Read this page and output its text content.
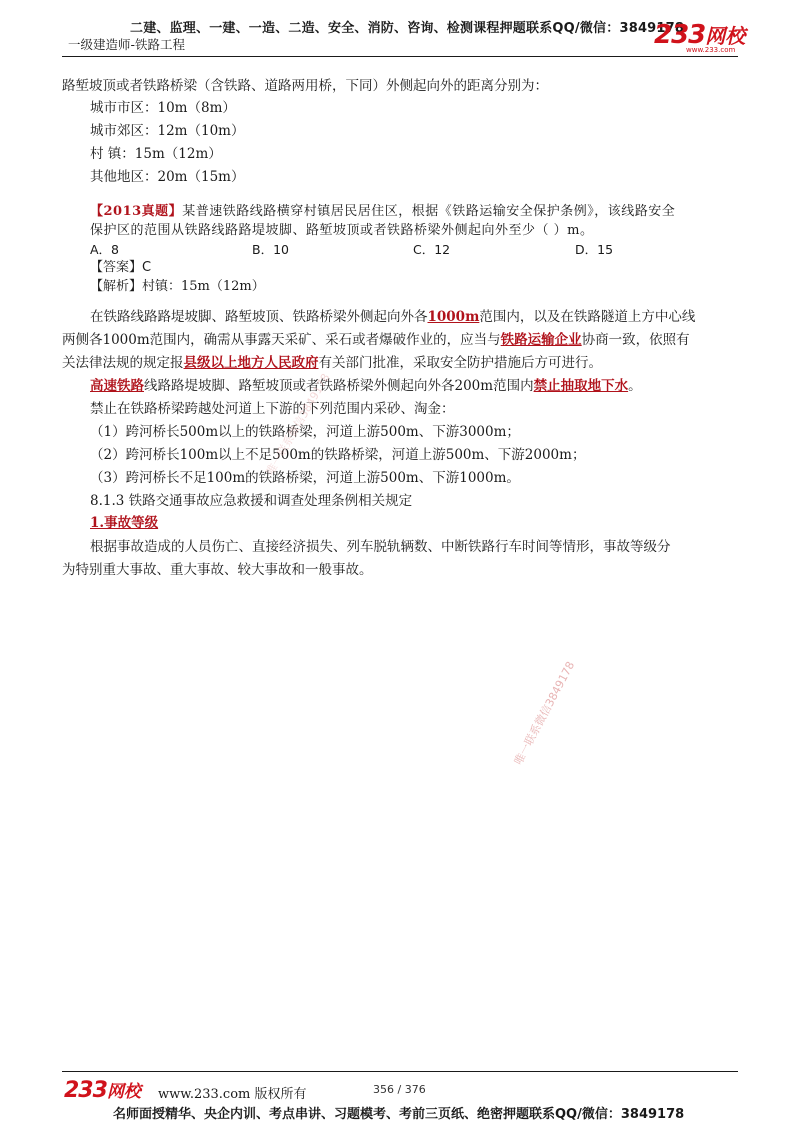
二建、监理、一建、一造、二造、安全、消防、咨询、检测课程押题联系QQ/微信：3849178
一级建造师-铁路工程	233网校
www.233.com
路堑坡顶或者铁路桥梁（含铁路、道路两用桥，下同）外侧起向外的距离分别为：
城市市区：10m（8m）
城市郊区：12m（10m）
村 镇：15m（12m）
其他地区：20m（15m）
【2013真题】某普速铁路线路横穿村镇居民居住区，根据《铁路运输安全保护条例》，该线路安全
保护区的范围从铁路线路路堤坡脚、路堑坡顶或者铁路桥梁外侧起向外至少（ ）m。
A．8	B．10	C．12	D．15
【答案】C
【解析】村镇：15m（12m）
在铁路线路路堤坡脚、路堑坡顶、铁路桥梁外侧起向外各1000m范围内，以及在铁路隧道上方中心线
两侧各1000m范围内，确需从事露天采矿、采石或者爆破作业的，应当与铁路运输企业协商一致，依照有
关法律法规的规定报县级以上地方人民政府有关部门批准，采取安全防护措施后方可进行。
高速铁路线路路堤坡脚、路堑坡顶或者铁路桥梁外侧起向外各200m范围内禁止抽取地下水。
禁止在铁路桥梁跨越处河道上下游的下列范围内采砂、淘金：
（1）跨河桥长500m以上的铁路桥梁，河道上游500m、下游3000m；
（2）跨河桥长100m以上不足500m的铁路桥梁，河道上游500m、下游2000m；
（3）跨河桥长不足100m的铁路桥梁，河道上游500m、下游1000m。
8.1.3 铁路交通事故应急救援和调查处理条例相关规定
1.事故等级
根据事故造成的人员伤亡、直接经济损失、列车脱轨辆数、中断铁路行车时间等情形，事故等级分
为特别重大事故、重大事故、较大事故和一般事故。
唯一联系微信3849178
唯一联系微信3849178
233网校 www.233.com 版权所有	356 / 376
名师面授精华、央企内训、考点串讲、习题模考、考前三页纸、绝密押题联系QQ/微信：3849178
